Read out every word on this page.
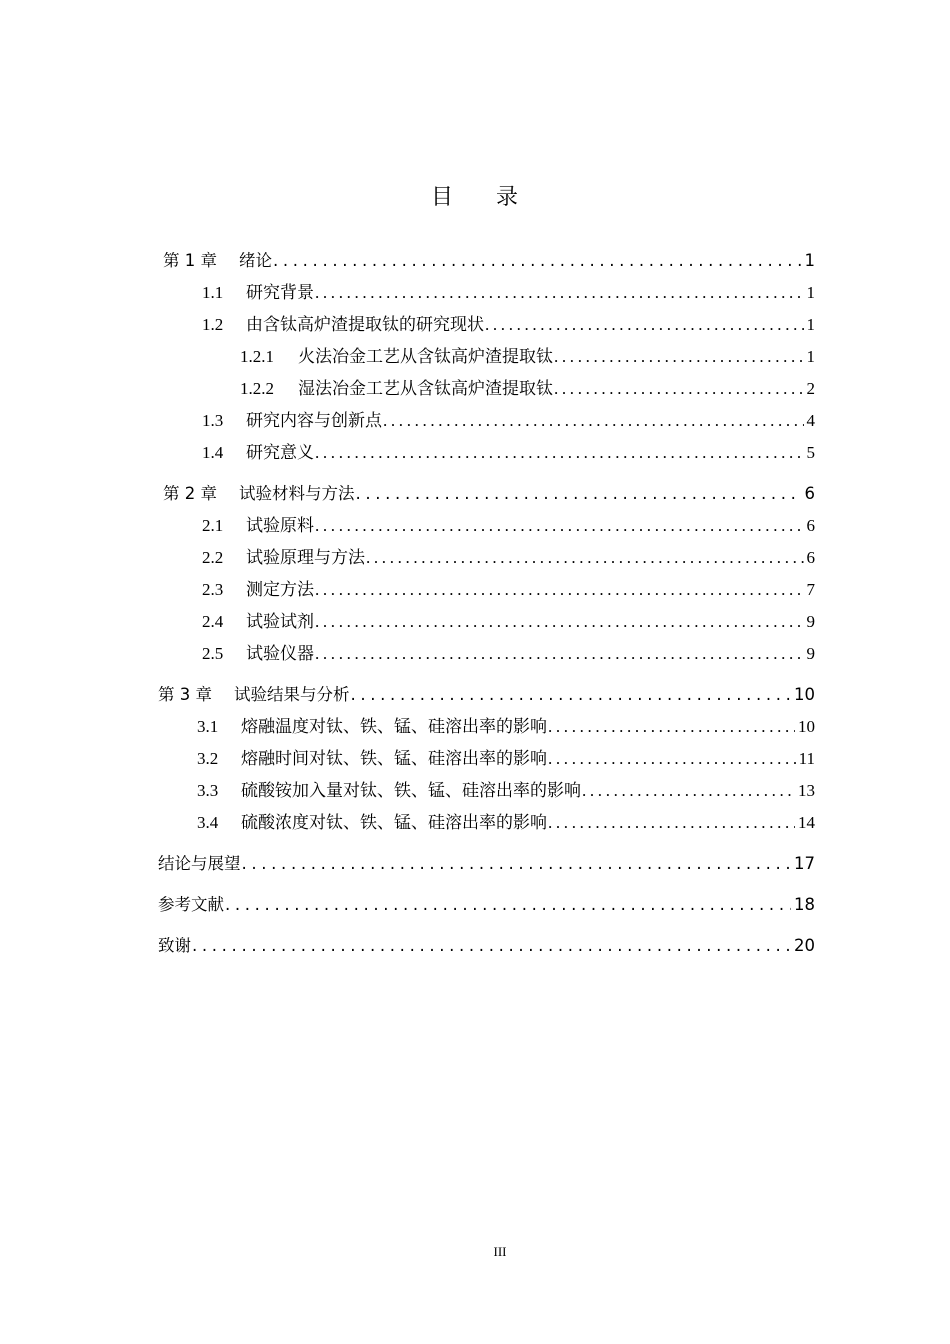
目 录
第 1 章	绪论 . . .	1
1.1	研究背景 . . .	1
1.2	由含钛高炉渣提取钛的研究现状 . . .	1
1.2.1	火法冶金工艺从含钛高炉渣提取钛 . . .	1
1.2.2	湿法冶金工艺从含钛高炉渣提取钛 . . .	2
1.3	研究内容与创新点 . . .	4
1.4	研究意义 . . .	5
第 2 章	试验材料与方法 . . .	6
2.1	试验原料 . . .	6
2.2	试验原理与方法 . . .	6
2.3	测定方法 . . .	7
2.4	试验试剂 . . .	9
2.5	试验仪器 . . .	9
第 3 章	试验结果与分析 . . .	10
3.1	熔融温度对钛、铁、锰、硅溶出率的影响 . . .	10
3.2	熔融时间对钛、铁、锰、硅溶出率的影响 . . .	11
3.3	硫酸铵加入量对钛、铁、锰、硅溶出率的影响 . . .	13
3.4	硫酸浓度对钛、铁、锰、硅溶出率的影响 . . .	14
结论与展望 . . .	17
参考文献 . . .	18
致谢 . . .	20
III
